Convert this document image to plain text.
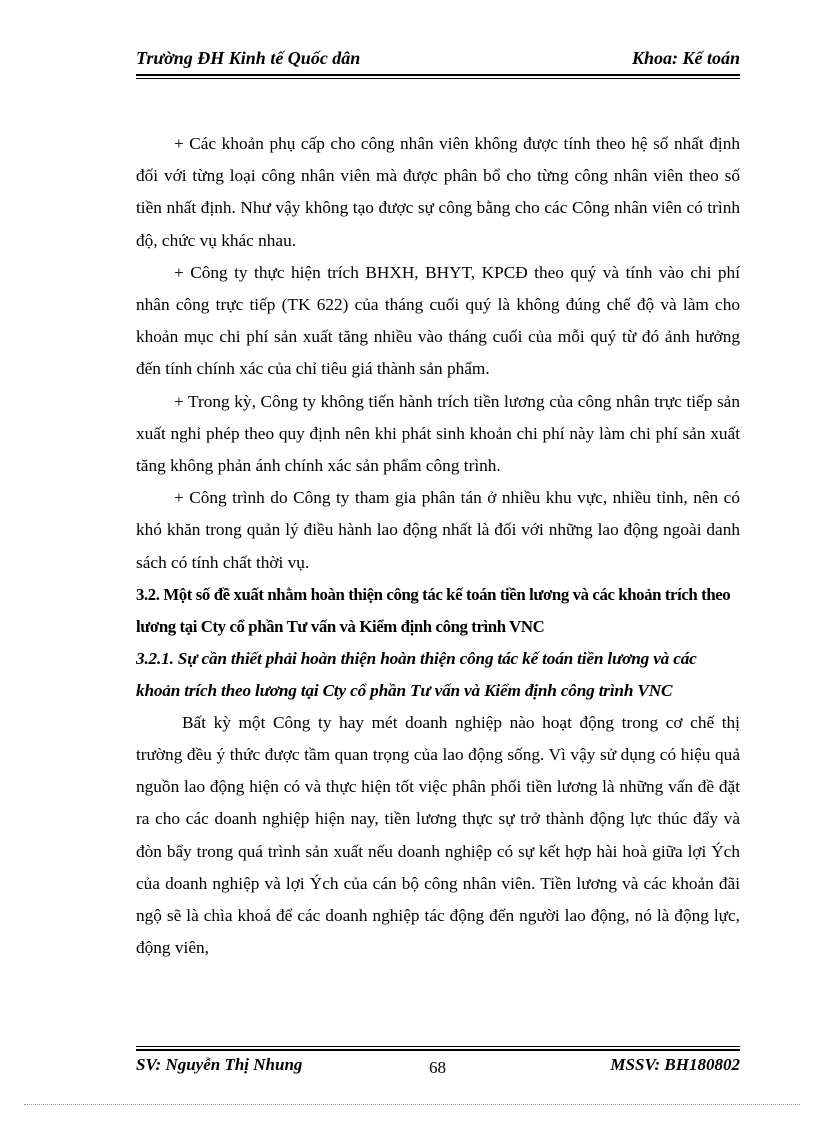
Trường ĐH Kinh tế Quốc dân	Khoa: Kế toán

+ Các khoản phụ cấp cho công nhân viên không được tính theo hệ số nhất định đối với từng loại công nhân viên mà được phân bổ cho từng công nhân viên theo số tiền nhất định. Như vậy không tạo được sự công bằng cho các Công nhân viên có trình độ, chức vụ khác nhau.

+ Công ty thực hiện trích BHXH, BHYT, KPCĐ theo quý và tính vào chi phí nhân công trực tiếp (TK 622) của tháng cuối quý là không đúng chế độ và làm cho khoản mục chi phí sản xuất tăng nhiều vào tháng cuối của mỗi quý từ đó ảnh hưởng đến tính chính xác của chỉ tiêu giá thành sản phẩm.

+ Trong kỳ, Công ty không tiến hành trích tiền lương của công nhân trực tiếp sản xuất nghỉ phép theo quy định nên khi phát sinh khoản chi phí này làm chi phí sản xuất tăng không phản ánh chính xác sản phẩm công trình.

+ Công trình do Công ty tham gia phân tán ở nhiều khu vực, nhiều tỉnh, nên có khó khăn trong quản lý điều hành lao động nhất là đối với những lao động ngoài danh sách có tính chất thời vụ.

3.2. Một số đề xuất nhằm hoàn thiện công tác kế toán tiền lương và các khoản trích theo lương tại Cty cổ phần Tư vấn và Kiểm định công trình VNC

3.2.1. Sự cần thiết phải hoàn thiện hoàn thiện công tác kế toán tiền lương và các khoản trích theo lương tại Cty cổ phần Tư vấn và Kiểm định công trình VNC

Bất kỳ một Công ty hay mét doanh nghiệp nào hoạt động trong cơ chế thị trường đều ý thức được tầm quan trọng của lao động sống. Vì vậy sử dụng có hiệu quả nguồn lao động hiện có và thực hiện tốt việc phân phối tiền lương là những vấn đề đặt ra cho các doanh nghiệp hiện nay, tiền lương thực sự trở thành động lực thúc đẩy và đòn bẩy trong quá trình sản xuất nếu doanh nghiệp có sự kết hợp hài hoà giữa lợi Ých của doanh nghiệp và lợi Ých của cán bộ công nhân viên. Tiền lương và các khoản đãi ngộ sẽ là chìa khoá để các doanh nghiệp tác động đến người lao động, nó là động lực, động viên,

SV: Nguyễn Thị Nhung	68	MSSV: BH180802
